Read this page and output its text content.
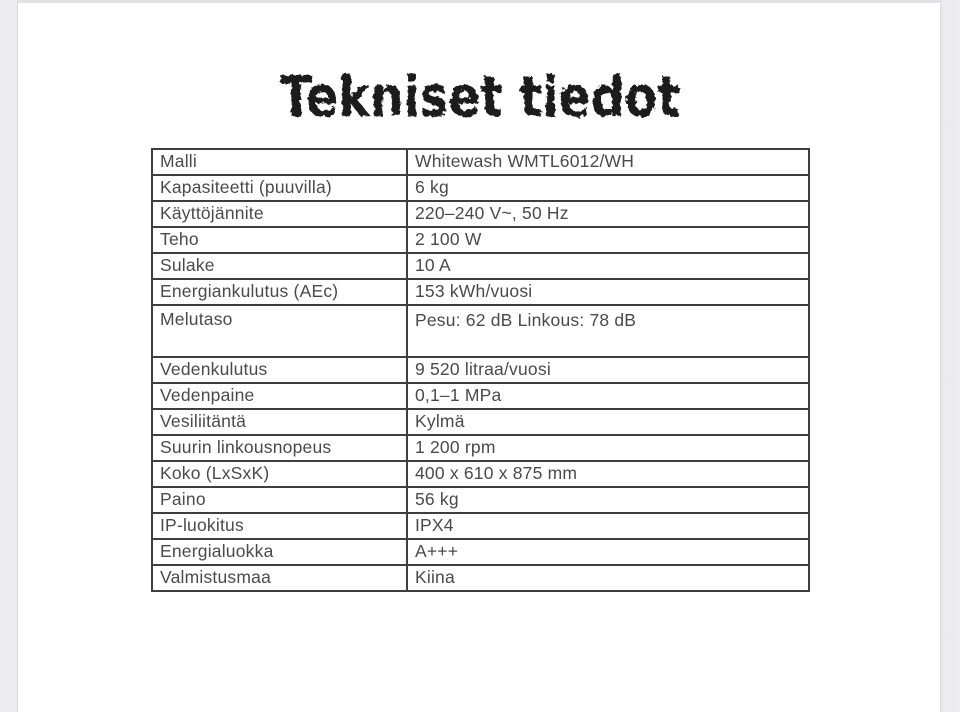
Tekniset tiedot
Malli	Whitewash WMTL6012/WH
Kapasiteetti (puuvilla)	6 kg
Käyttöjännite	220–240 V~, 50 Hz
Teho	2 100 W
Sulake	10 A
Energiankulutus (AEc)	153 kWh/vuosi
Melutaso	Pesu: 62 dB Linkous: 78 dB
Vedenkulutus	9 520 litraa/vuosi
Vedenpaine	0,1–1 MPa
Vesiliitäntä	Kylmä
Suurin linkousnopeus	1 200 rpm
Koko (LxSxK)	400 x 610 x 875 mm
Paino	56 kg
IP-luokitus	IPX4
Energialuokka	A+++
Valmistusmaa	Kiina
